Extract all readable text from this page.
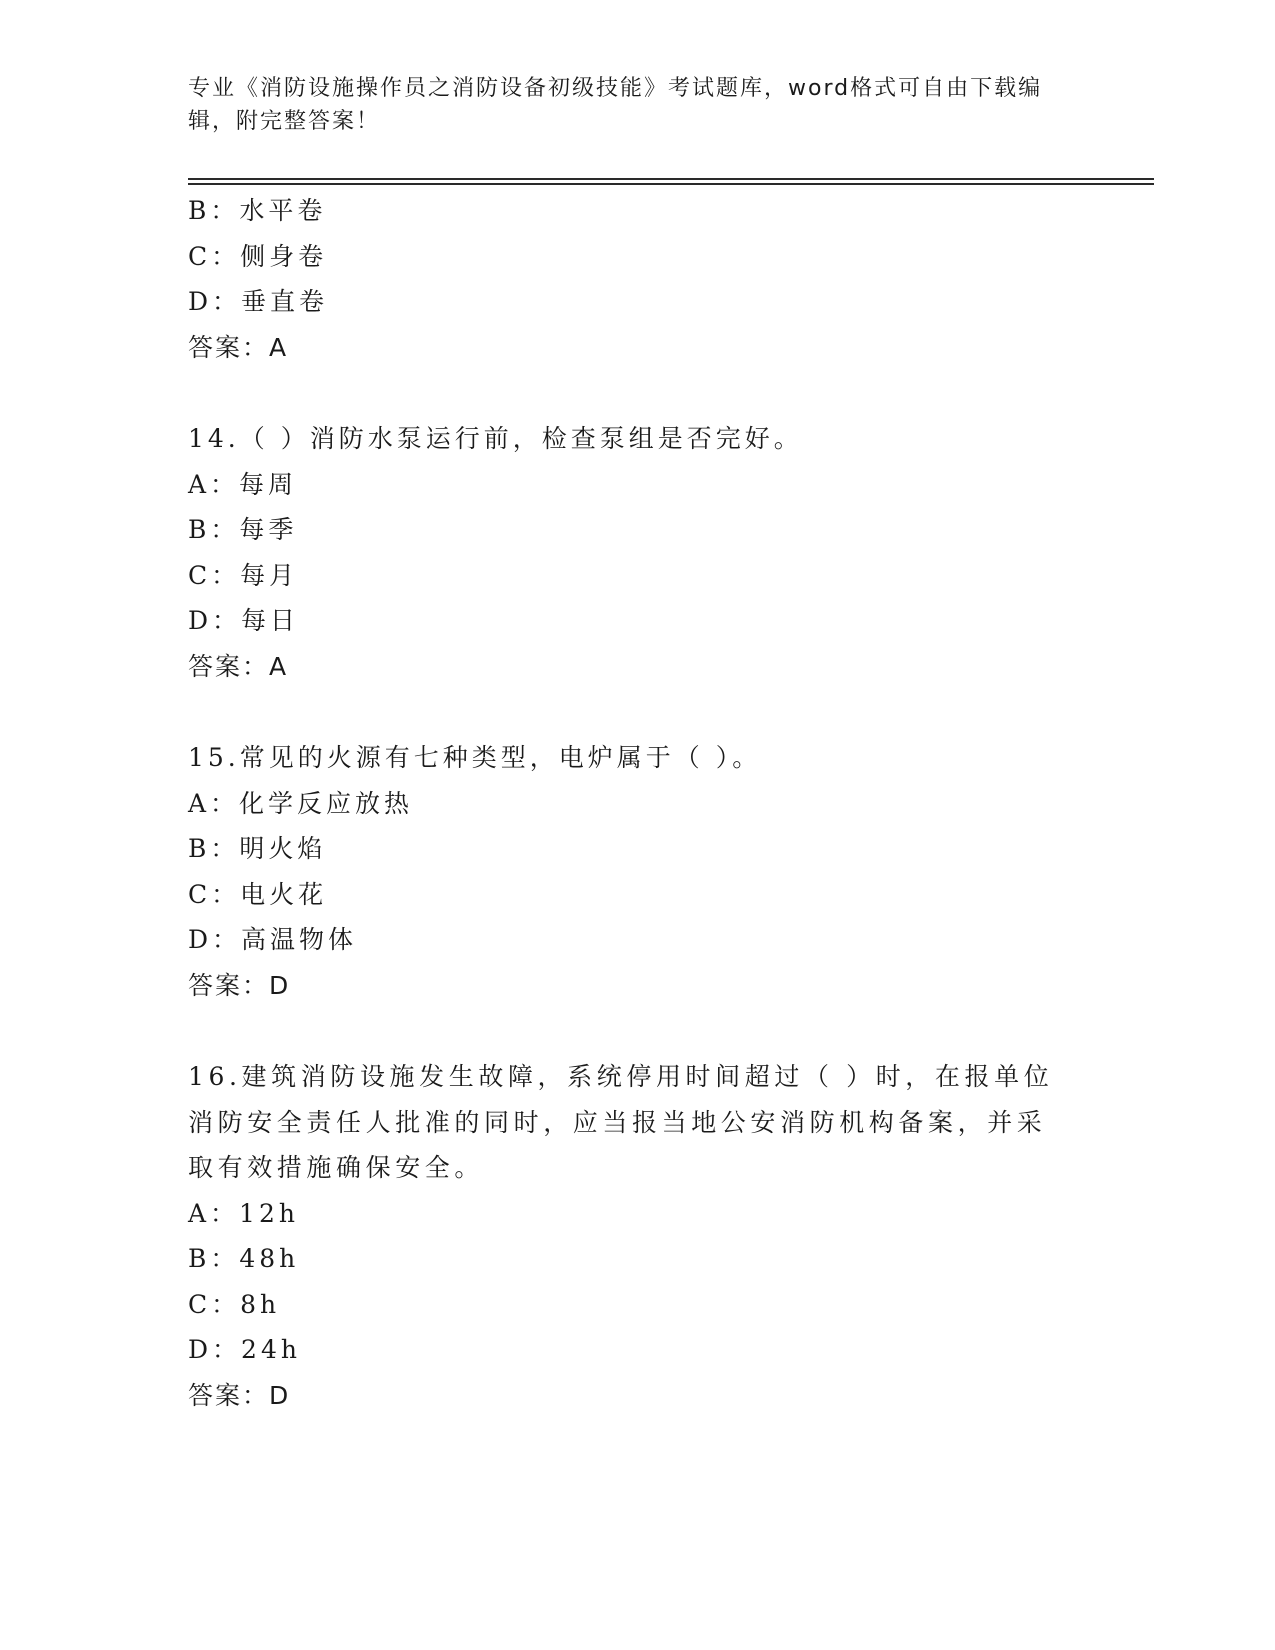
专业《消防设施操作员之消防设备初级技能》考试题库，word格式可自由下载编辑，附完整答案！
B：水平卷
C：侧身卷
D：垂直卷
答案：A
14.（ ）消防水泵运行前，检查泵组是否完好。
A：每周
B：每季
C：每月
D：每日
答案：A
15.常见的火源有七种类型，电炉属于（ ）。
A：化学反应放热
B：明火焰
C：电火花
D：高温物体
答案：D
16.建筑消防设施发生故障，系统停用时间超过（ ）时，在报单位消防安全责任人批准的同时，应当报当地公安消防机构备案，并采取有效措施确保安全。
A：12h
B：48h
C：8h
D：24h
答案：D
